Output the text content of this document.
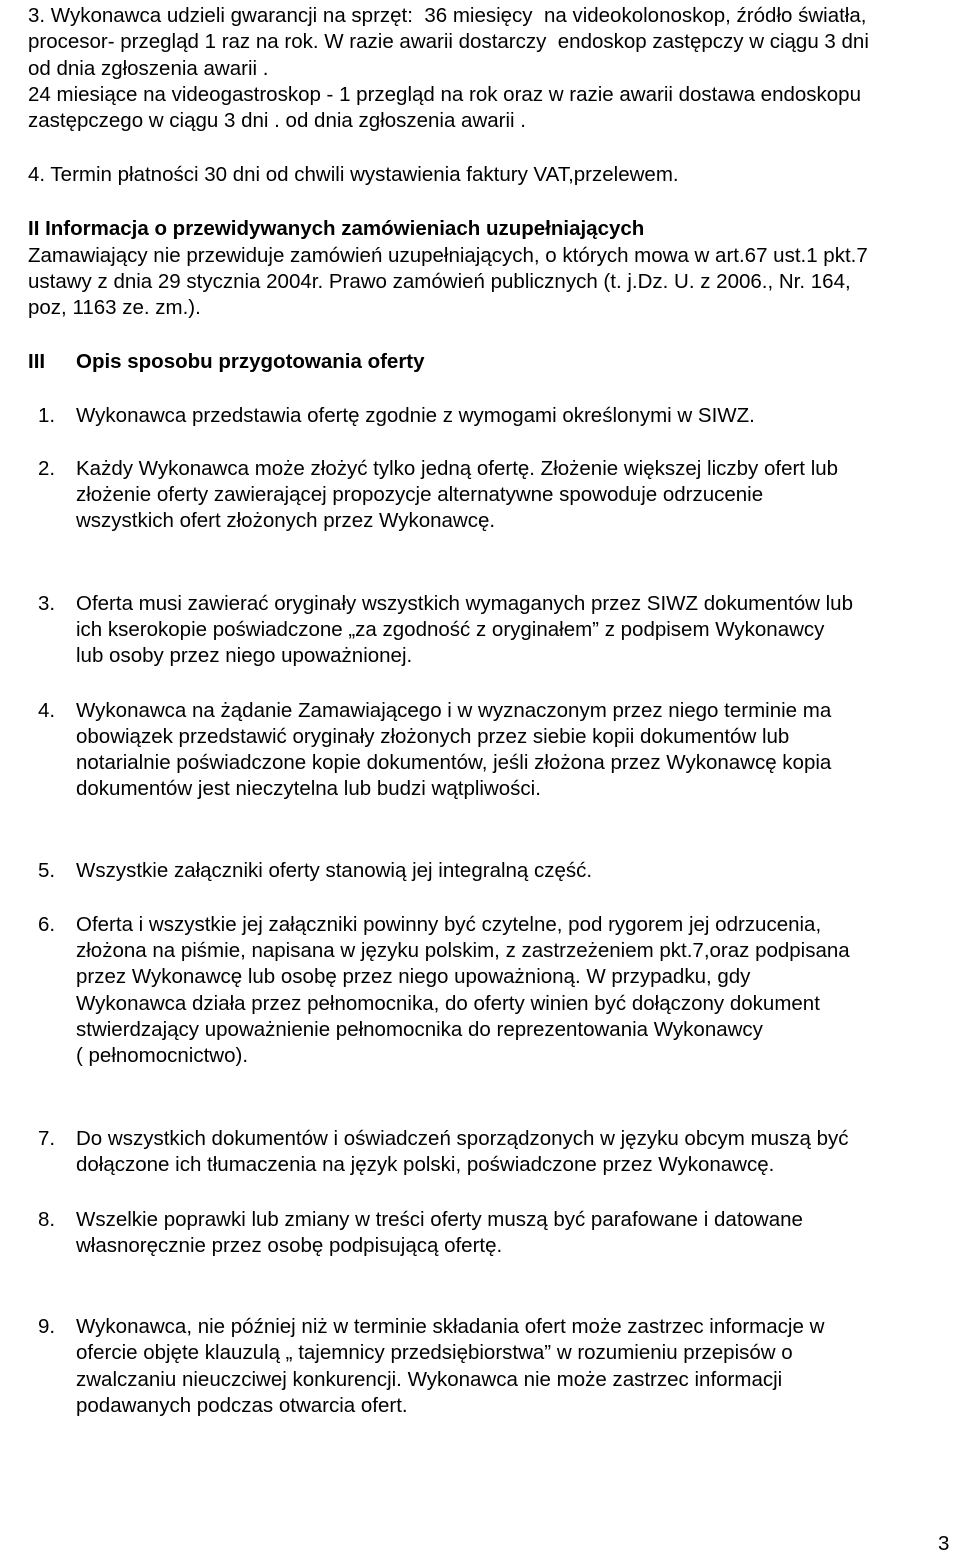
3. Wykonawca udzieli gwarancji na sprzęt:  36 miesięcy  na videokolonoskop, źródło światła,

procesor- przegląd 1 raz na rok. W razie awarii dostarczy  endoskop zastępczy w ciągu 3 dni

od dnia zgłoszenia awarii .

24 miesiące na videogastroskop - 1 przegląd na rok oraz w razie awarii dostawa endoskopu

zastępczego w ciągu 3 dni . od dnia zgłoszenia awarii .

4. Termin płatności 30 dni od chwili wystawienia faktury VAT,przelewem.

II Informacja o przewidywanych zamówieniach uzupełniających

Zamawiający nie przewiduje zamówień uzupełniających, o których mowa w art.67 ust.1 pkt.7

ustawy z dnia 29 stycznia 2004r. Prawo zamówień publicznych (t. j.Dz. U. z 2006., Nr. 164,

poz, 1163 ze. zm.).

III Opis sposobu przygotowania oferty
1. Wykonawca przedstawia ofertę zgodnie z wymogami określonymi w SIWZ.
2. Każdy Wykonawca może złożyć tylko jedną ofertę. Złożenie większej liczby ofert lub
złożenie oferty zawierającej propozycje alternatywne spowoduje odrzucenie
wszystkich ofert złożonych przez Wykonawcę.
3. Oferta musi zawierać oryginały wszystkich wymaganych przez SIWZ dokumentów lub
ich kserokopie poświadczone „za zgodność z oryginałem” z podpisem Wykonawcy
lub osoby przez niego upoważnionej.
4. Wykonawca na żądanie Zamawiającego i w wyznaczonym przez niego terminie ma
obowiązek przedstawić oryginały złożonych przez siebie kopii dokumentów lub
notarialnie poświadczone kopie dokumentów, jeśli złożona przez Wykonawcę kopia
dokumentów jest nieczytelna lub budzi wątpliwości.
5. Wszystkie załączniki oferty stanowią jej integralną część.
6. Oferta i wszystkie jej załączniki powinny być czytelne, pod rygorem jej odrzucenia,
złożona na piśmie, napisana w języku polskim, z zastrzeżeniem pkt.7,oraz podpisana
przez Wykonawcę lub osobę przez niego upoważnioną. W przypadku, gdy
Wykonawca działa przez pełnomocnika, do oferty winien być dołączony dokument
stwierdzający upoważnienie pełnomocnika do reprezentowania Wykonawcy
( pełnomocnictwo).
7. Do wszystkich dokumentów i oświadczeń sporządzonych w języku obcym muszą być
dołączone ich tłumaczenia na język polski, poświadczone przez Wykonawcę.
8. Wszelkie poprawki lub zmiany w treści oferty muszą być parafowane i datowane
własnoręcznie przez osobę podpisującą ofertę.
9. Wykonawca, nie później niż w terminie składania ofert może zastrzec informacje w
ofercie objęte klauzulą „ tajemnicy przedsiębiorstwa” w rozumieniu przepisów o
zwalczaniu nieuczciwej konkurencji. Wykonawca nie może zastrzec informacji
podawanych podczas otwarcia ofert.
3
